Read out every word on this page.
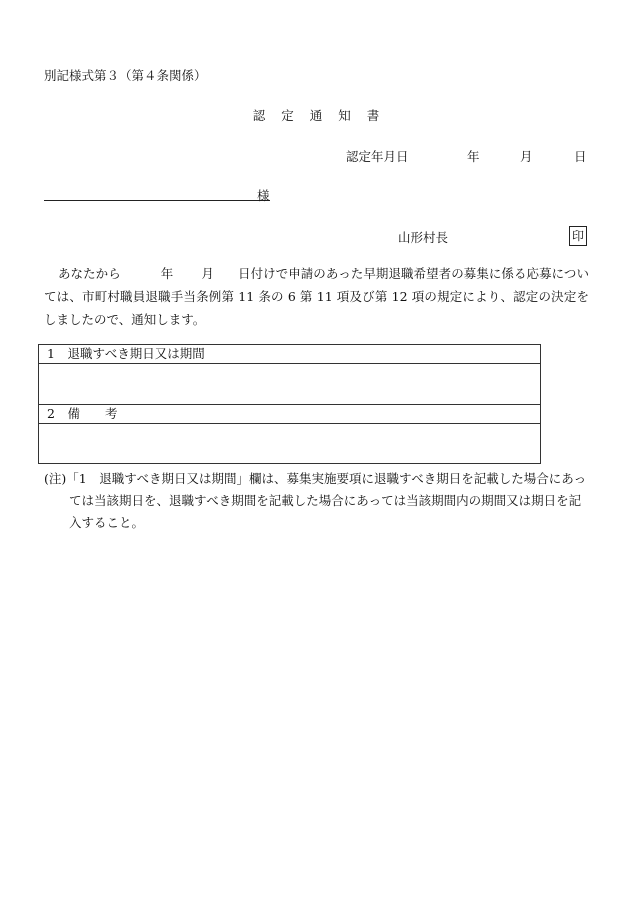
別記様式第３（第４条関係）
認 定 通 知 書
認定年月日	年	月	日
様
山形村長	印
あなたから	年 月 日付けで申請のあった早期退職希望者の募集に係る応募については、市町村職員退職手当条例第 11 条の 6 第 11 項及び第 12 項の規定により、認定の決定をしましたので、通知します。
1　退職すべき期日又は期間

2　備　　考

(注)「1　退職すべき期日又は期間」欄は、募集実施要項に退職すべき期日を記載した場合にあっては当該期日を、退職すべき期間を記載した場合にあっては当該期間内の期間又は期日を記入すること。
